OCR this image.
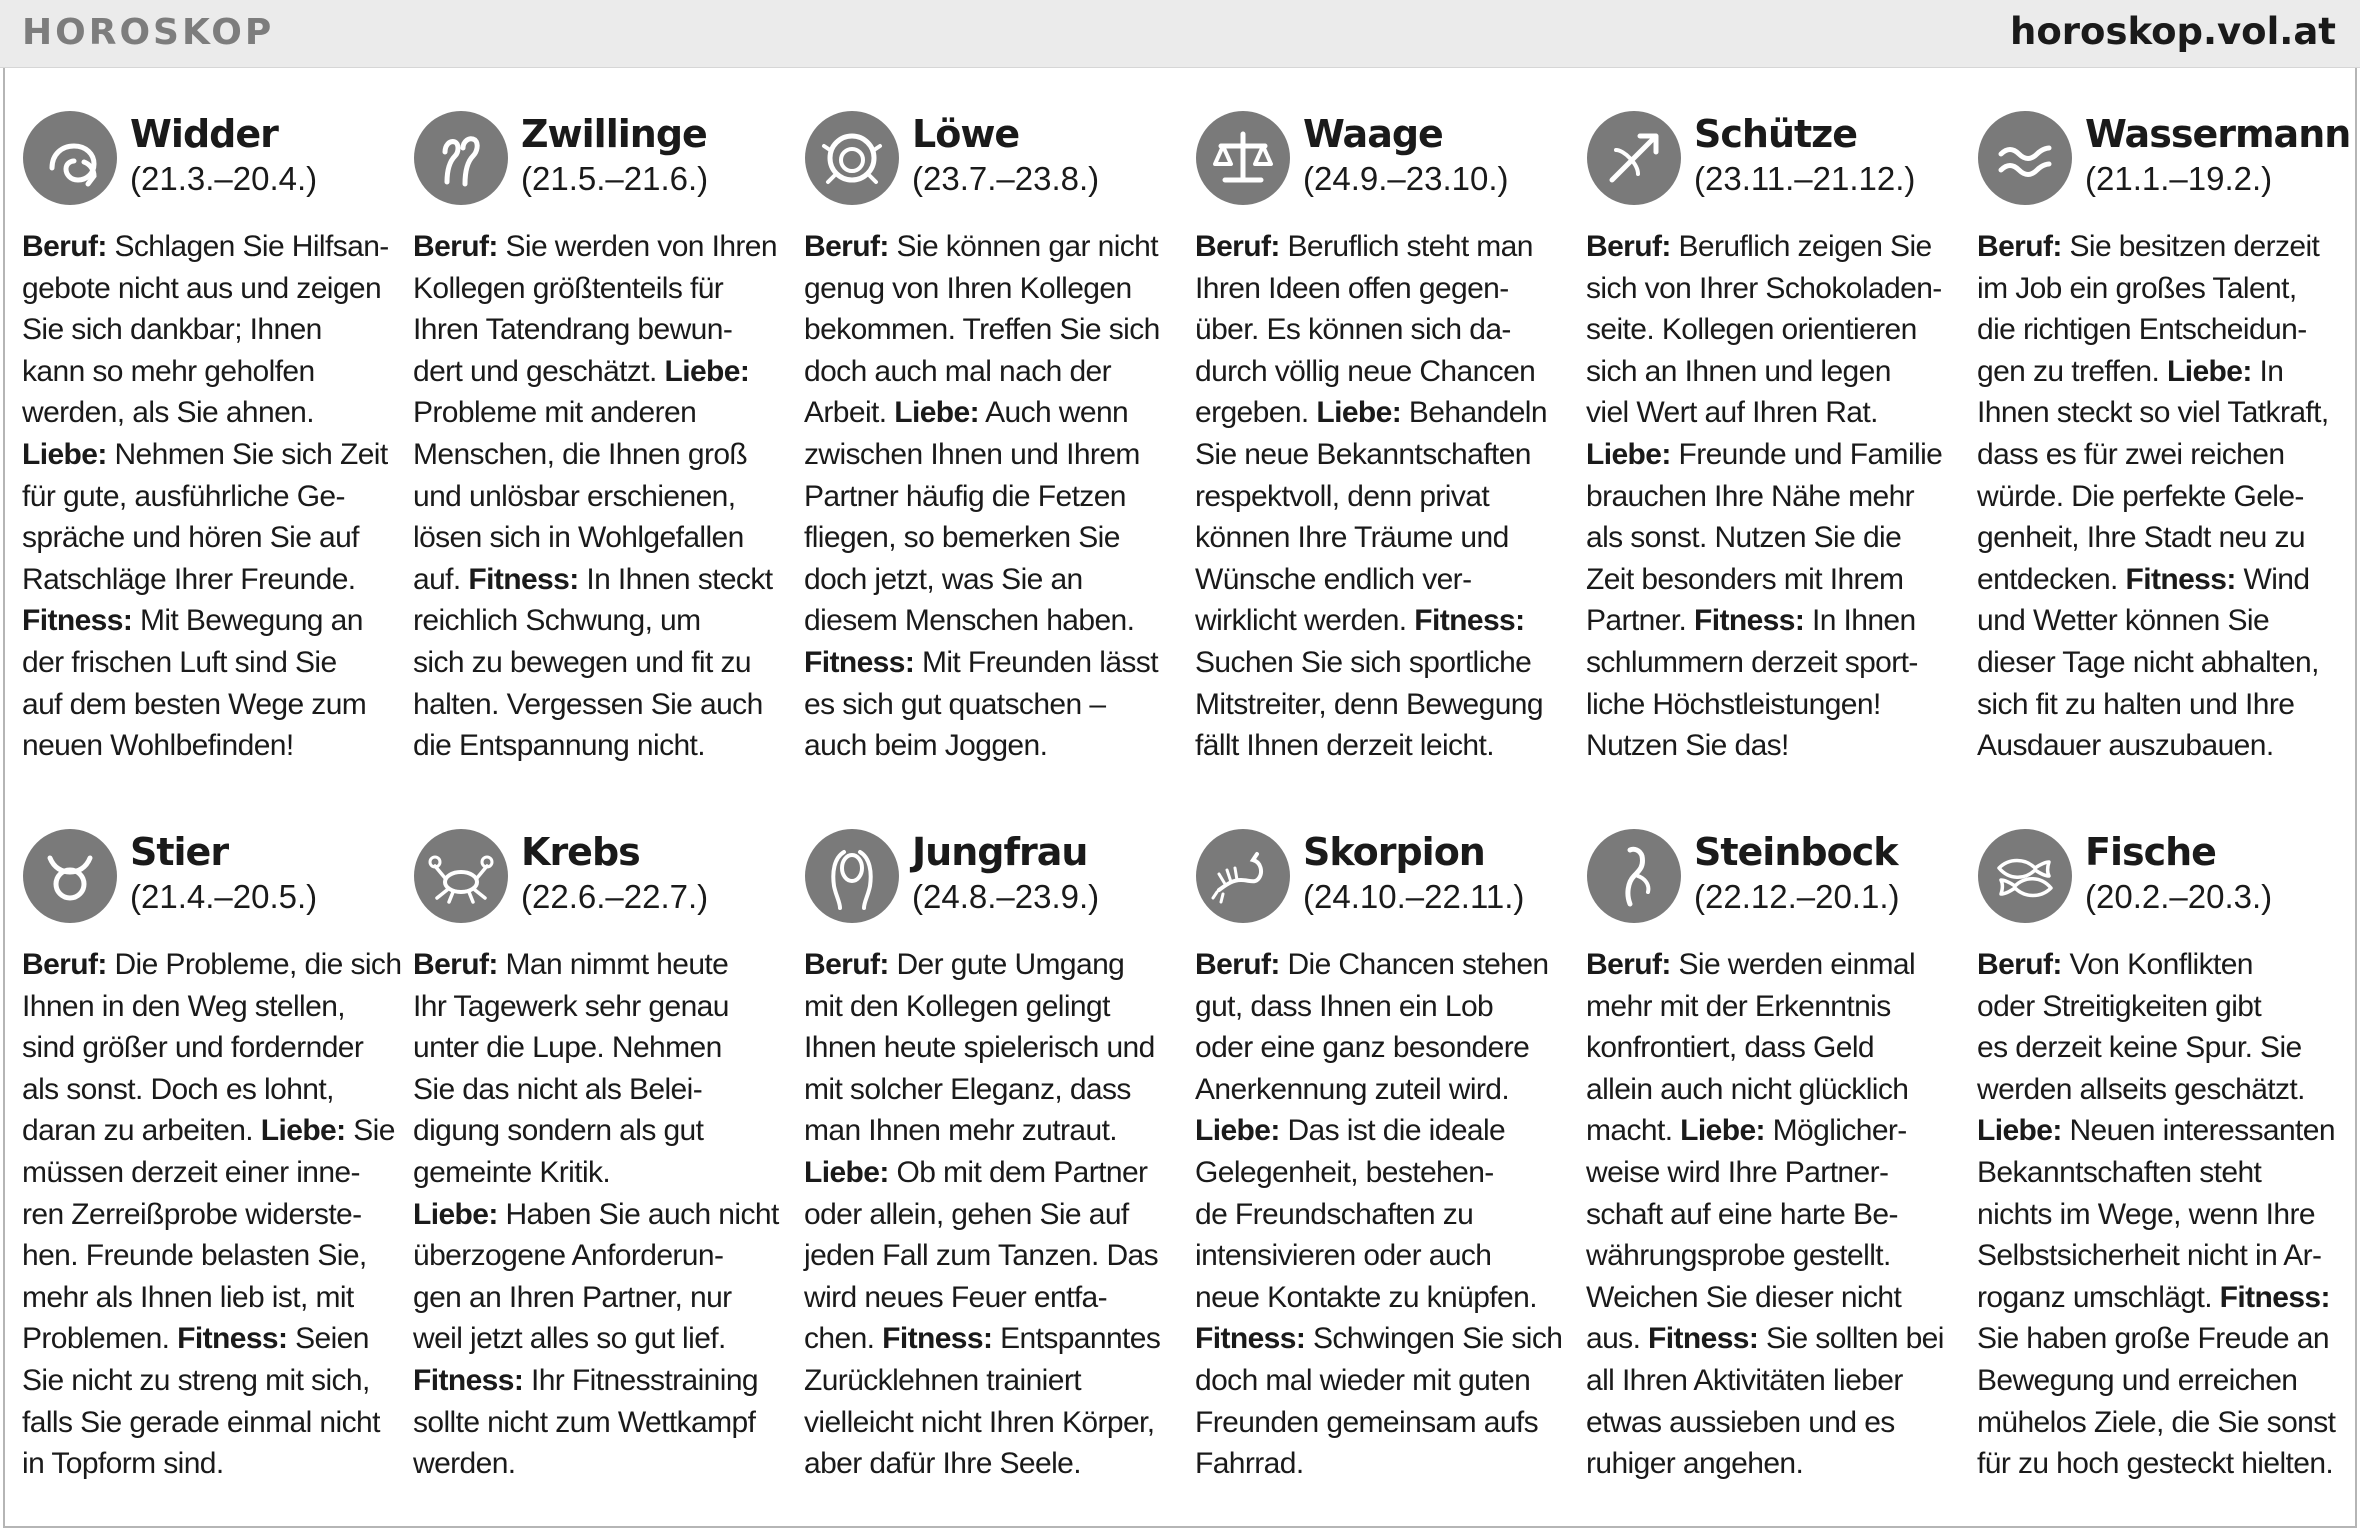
HOROSKOP	horoskop.vol.at
Widder
(21.3.–20.4.)
Beruf: Schlagen Sie Hilfsan-
gebote nicht aus und zeigen
Sie sich dankbar; Ihnen
kann so mehr geholfen
werden, als Sie ahnen.
Liebe: Nehmen Sie sich Zeit
für gute, ausführliche Ge-
spräche und hören Sie auf
Ratschläge Ihrer Freunde.
Fitness: Mit Bewegung an
der frischen Luft sind Sie
auf dem besten Wege zum
neuen Wohlbefinden!
Zwillinge
(21.5.–21.6.)
Beruf: Sie werden von Ihren
Kollegen größtenteils für
Ihren Tatendrang bewun-
dert und geschätzt. Liebe:
Probleme mit anderen
Menschen, die Ihnen groß
und unlösbar erschienen,
lösen sich in Wohlgefallen
auf. Fitness: In Ihnen steckt
reichlich Schwung, um
sich zu bewegen und fit zu
halten. Vergessen Sie auch
die Entspannung nicht.
Löwe
(23.7.–23.8.)
Beruf: Sie können gar nicht
genug von Ihren Kollegen
bekommen. Treffen Sie sich
doch auch mal nach der
Arbeit. Liebe: Auch wenn
zwischen Ihnen und Ihrem
Partner häufig die Fetzen
fliegen, so bemerken Sie
doch jetzt, was Sie an
diesem Menschen haben.
Fitness: Mit Freunden lässt
es sich gut quatschen –
auch beim Joggen.
Waage
(24.9.–23.10.)
Beruf: Beruflich steht man
Ihren Ideen offen gegen-
über. Es können sich da-
durch völlig neue Chancen
ergeben. Liebe: Behandeln
Sie neue Bekanntschaften
respektvoll, denn privat
können Ihre Träume und
Wünsche endlich ver-
wirklicht werden. Fitness:
Suchen Sie sich sportliche
Mitstreiter, denn Bewegung
fällt Ihnen derzeit leicht.
Schütze
(23.11.–21.12.)
Beruf: Beruflich zeigen Sie
sich von Ihrer Schokoladen-
seite. Kollegen orientieren
sich an Ihnen und legen
viel Wert auf Ihren Rat.
Liebe: Freunde und Familie
brauchen Ihre Nähe mehr
als sonst. Nutzen Sie die
Zeit besonders mit Ihrem
Partner. Fitness: In Ihnen
schlummern derzeit sport-
liche Höchstleistungen!
Nutzen Sie das!
Wassermann
(21.1.–19.2.)
Beruf: Sie besitzen derzeit
im Job ein großes Talent,
die richtigen Entscheidun-
gen zu treffen. Liebe: In
Ihnen steckt so viel Tatkraft,
dass es für zwei reichen
würde. Die perfekte Gele-
genheit, Ihre Stadt neu zu
entdecken. Fitness: Wind
und Wetter können Sie
dieser Tage nicht abhalten,
sich fit zu halten und Ihre
Ausdauer auszubauen.
Stier
(21.4.–20.5.)
Beruf: Die Probleme, die sich
Ihnen in den Weg stellen,
sind größer und fordernder
als sonst. Doch es lohnt,
daran zu arbeiten. Liebe: Sie
müssen derzeit einer inne-
ren Zerreißprobe widerste-
hen. Freunde belasten Sie,
mehr als Ihnen lieb ist, mit
Problemen. Fitness: Seien
Sie nicht zu streng mit sich,
falls Sie gerade einmal nicht
in Topform sind.
Krebs
(22.6.–22.7.)
Beruf: Man nimmt heute
Ihr Tagewerk sehr genau
unter die Lupe. Nehmen
Sie das nicht als Belei-
digung sondern als gut
gemeinte Kritik.
Liebe: Haben Sie auch nicht
überzogene Anforderun-
gen an Ihren Partner, nur
weil jetzt alles so gut lief.
Fitness: Ihr Fitnesstraining
sollte nicht zum Wettkampf
werden.
Jungfrau
(24.8.–23.9.)
Beruf: Der gute Umgang
mit den Kollegen gelingt
Ihnen heute spielerisch und
mit solcher Eleganz, dass
man Ihnen mehr zutraut.
Liebe: Ob mit dem Partner
oder allein, gehen Sie auf
jeden Fall zum Tanzen. Das
wird neues Feuer entfa-
chen. Fitness: Entspanntes
Zurücklehnen trainiert
vielleicht nicht Ihren Körper,
aber dafür Ihre Seele.
Skorpion
(24.10.–22.11.)
Beruf: Die Chancen stehen
gut, dass Ihnen ein Lob
oder eine ganz besondere
Anerkennung zuteil wird.
Liebe: Das ist die ideale
Gelegenheit, bestehen-
de Freundschaften zu
intensivieren oder auch
neue Kontakte zu knüpfen.
Fitness: Schwingen Sie sich
doch mal wieder mit guten
Freunden gemeinsam aufs
Fahrrad.
Steinbock
(22.12.–20.1.)
Beruf: Sie werden einmal
mehr mit der Erkenntnis
konfrontiert, dass Geld
allein auch nicht glücklich
macht. Liebe: Möglicher-
weise wird Ihre Partner-
schaft auf eine harte Be-
währungsprobe gestellt.
Weichen Sie dieser nicht
aus. Fitness: Sie sollten bei
all Ihren Aktivitäten lieber
etwas aussieben und es
ruhiger angehen.
Fische
(20.2.–20.3.)
Beruf: Von Konflikten
oder Streitigkeiten gibt
es derzeit keine Spur. Sie
werden allseits geschätzt.
Liebe: Neuen interessanten
Bekanntschaften steht
nichts im Wege, wenn Ihre
Selbstsicherheit nicht in Ar-
roganz umschlägt. Fitness:
Sie haben große Freude an
Bewegung und erreichen
mühelos Ziele, die Sie sonst
für zu hoch gesteckt hielten.
